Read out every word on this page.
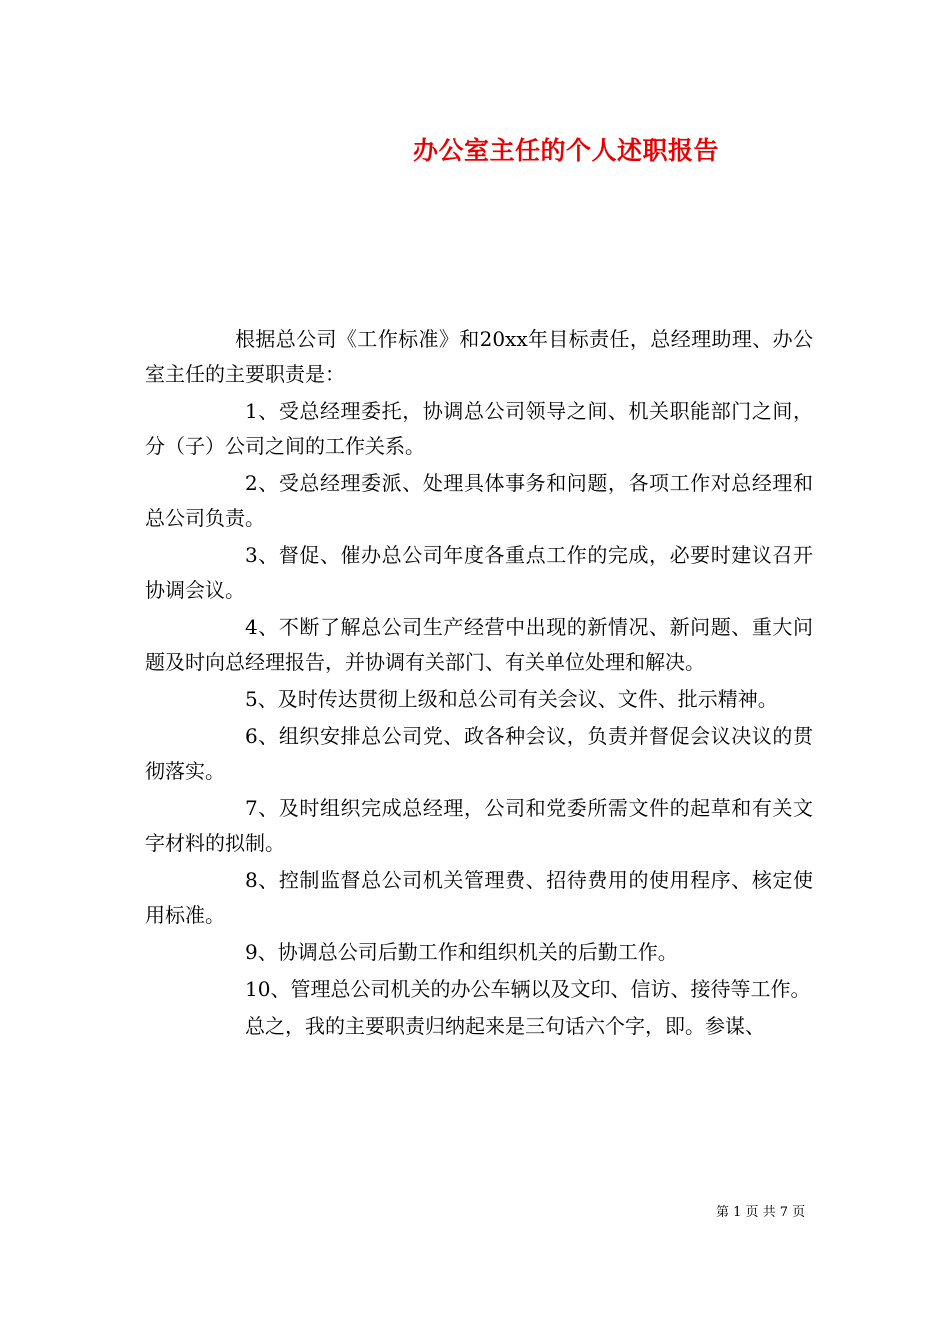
办公室主任的个人述职报告

根据总公司《工作标准》和20xx年目标责任，总经理助理、办公室主任的主要职责是：

1、受总经理委托，协调总公司领导之间、机关职能部门之间，分（子）公司之间的工作关系。

2、受总经理委派、处理具体事务和问题，各项工作对总经理和总公司负责。

3、督促、催办总公司年度各重点工作的完成，必要时建议召开协调会议。

4、不断了解总公司生产经营中出现的新情况、新问题、重大问题及时向总经理报告，并协调有关部门、有关单位处理和解决。

5、及时传达贯彻上级和总公司有关会议、文件、批示精神。

6、组织安排总公司党、政各种会议，负责并督促会议决议的贯彻落实。

7、及时组织完成总经理，公司和党委所需文件的起草和有关文字材料的拟制。

8、控制监督总公司机关管理费、招待费用的使用程序、核定使用标准。

9、协调总公司后勤工作和组织机关的后勤工作。

10、管理总公司机关的办公车辆以及文印、信访、接待等工作。

总之，我的主要职责归纳起来是三句话六个字，即。参谋、

第 1 页 共 7 页
